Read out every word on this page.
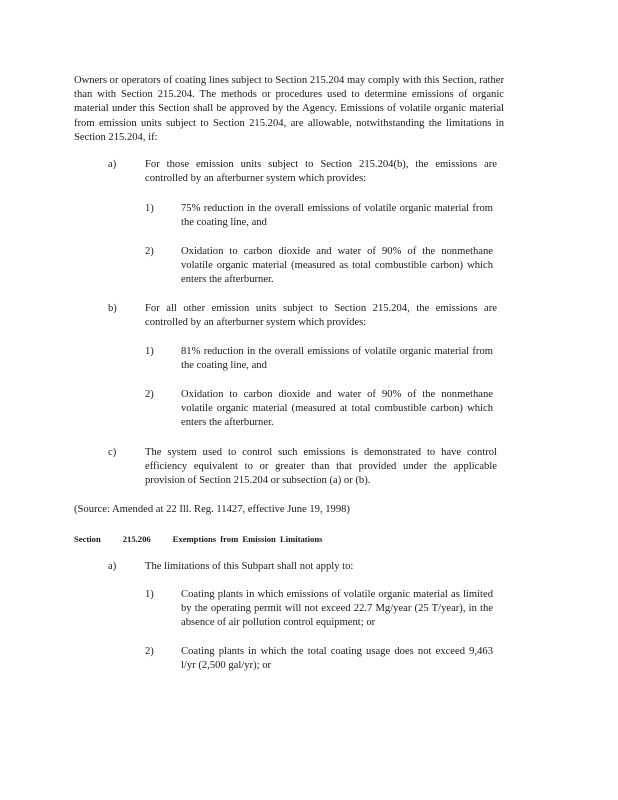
Owners or operators of coating lines subject to Section 215.204 may comply with this Section, rather than with Section 215.204. The methods or procedures used to determine emissions of organic material under this Section shall be approved by the Agency. Emissions of volatile organic material from emission units subject to Section 215.204, are allowable, notwithstanding the limitations in Section 215.204, if:
a)	For those emission units subject to Section 215.204(b), the emissions are controlled by an afterburner system which provides:
1)	75% reduction in the overall emissions of volatile organic material from the coating line, and
2)	Oxidation to carbon dioxide and water of 90% of the nonmethane volatile organic material (measured as total combustible carbon) which enters the afterburner.
b)	For all other emission units subject to Section 215.204, the emissions are controlled by an afterburner system which provides:
1)	81% reduction in the overall emissions of volatile organic material from the coating line, and
2)	Oxidation to carbon dioxide and water of 90% of the nonmethane volatile organic material (measured at total combustible carbon) which enters the afterburner.
c)	The system used to control such emissions is demonstrated to have control efficiency equivalent to or greater than that provided under the applicable provision of Section 215.204 or subsection (a) or (b).
(Source: Amended at 22 Ill. Reg. 11427, effective June 19, 1998)
Section	215.206	Exemptions from Emission Limitations
a)	The limitations of this Subpart shall not apply to:
1)	Coating plants in which emissions of volatile organic material as limited by the operating permit will not exceed 22.7 Mg/year (25 T/year), in the absence of air pollution control equipment; or
2)	Coating plants in which the total coating usage does not exceed 9,463 l/yr (2,500 gal/yr); or
